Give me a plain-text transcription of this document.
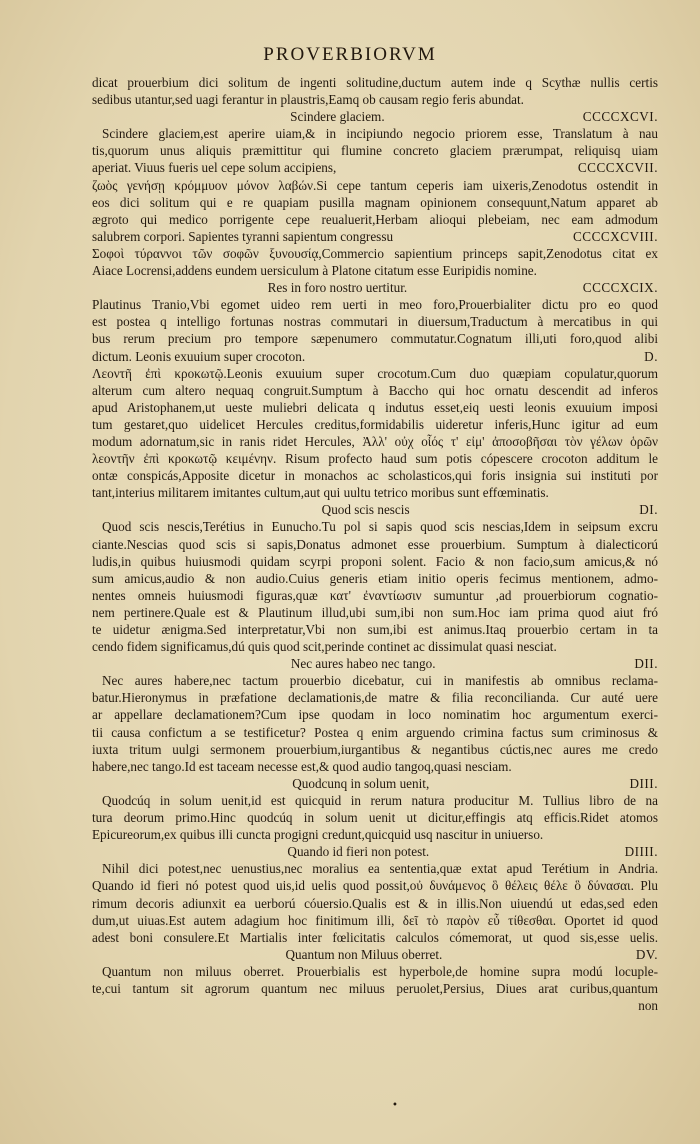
PROVERBIORVM
dicat prouerbium dici solitum de ingenti solitudine,ductum autem inde q Scythæ nullis certis
sedibus utantur,sed uagi ferantur in plaustris,Eamq ob causam regio feris abundat.
Scindere glaciem.	CCCCXCVI.
Scindere glaciem,est aperire uiam,& in incipiundo negocio priorem esse, Translatum à nau
tis,quorum unus aliquis præmittitur qui flumine concreto glaciem prærumpat, reliquisq uiam
aperiat. Viuus fueris uel cepe solum accipiens,	CCCCXCVII.
ζωὸς γενήσῃ κρόμμυον μόνον λαβών.Si cepe tantum ceperis iam uixeris,Zenodotus ostendit in
eos dici solitum qui e re quapiam pusilla magnam opinionem consequunt,Natum apparet ab
ægroto qui medico porrigente cepe reualuerit,Herbam alioqui plebeiam, nec eam admodum
salubrem corpori. Sapientes tyranni sapientum congressu	CCCCXCVIII.
Σοφοὶ τύραννοι τῶν σοφῶν ξυνουσίᾳ,Commercio sapientium princeps sapit,Zenodotus citat ex
Aiace Locrensi,addens eundem uersiculum à Platone citatum esse Euripidis nomine.
Res in foro nostro uertitur.	CCCCXCIX.
Plautinus Tranio,Vbi egomet uideo rem uerti in meo foro,Prouerbialiter dictu pro eo quod
est postea q intelligo fortunas nostras commutari in diuersum,Traductum à mercatibus in qui
bus rerum precium pro tempore sæpenumero commutatur.Cognatum illi,uti foro,quod alibi
dictum. Leonis exuuium super crocoton.	D.
Λεοντῆ ἐπὶ κροκωτῷ.Leonis exuuium super crocotum.Cum duo quæpiam copulatur,quorum
alterum cum altero nequaq congruit.Sumptum à Baccho qui hoc ornatu descendit ad inferos
apud Aristophanem,ut ueste muliebri delicata q indutus esset,eiq uesti leonis exuuium imposi
tum gestaret,quo uidelicet Hercules creditus,formidabilis uideretur inferis,Hunc igitur ad eum
modum adornatum,sic in ranis ridet Hercules, Ἀλλ' οὐχ οἷός τ' εἰμ' ἀποσοβῆσαι τὸν γέλων ὁρῶν
λεοντῆν ἐπὶ κροκωτῷ κειμένην. Risum profecto haud sum potis cópescere crocoton additum le
ontæ conspicás,Apposite dicetur in monachos ac scholasticos,qui foris insignia sui instituti por
tant,interius militarem imitantes cultum,aut qui uultu tetrico moribus sunt effœminatis.
Quod scis nescis	DI.
Quod scis nescis,Terétius in Eunucho.Tu pol si sapis quod scis nescias,Idem in seipsum excru
ciante.Nescias quod scis si sapis,Donatus admonet esse prouerbium. Sumptum à dialecticorú
ludis,in quibus huiusmodi quidam scyrpi proponi solent. Facio & non facio,sum amicus,& nó
sum amicus,audio & non audio.Cuius generis etiam initio operis fecimus mentionem, admo-
nentes omneis huiusmodi figuras,quæ κατ' ἐναντίωσιν sumuntur ,ad prouerbiorum cognatio-
nem pertinere.Quale est & Plautinum illud,ubi sum,ibi non sum.Hoc iam prima quod aiut fró
te uidetur ænigma.Sed interpretatur,Vbi non sum,ibi est animus.Itaq prouerbio certam in ta
cendo fidem significamus,dú quis quod scit,perinde continet ac dissimulat quasi nesciat.
Nec aures habeo nec tango.	DII.
Nec aures habere,nec tactum prouerbio dicebatur, cui in manifestis ab omnibus reclama-
batur.Hieronymus in præfatione declamationis,de matre & filia reconcilianda. Cur auté uere
ar appellare declamationem?Cum ipse quodam in loco nominatim hoc argumentum exerci-
tii causa confictum a se testificetur? Postea q enim arguendo crimina factus sum criminosus &
iuxta tritum uulgi sermonem prouerbium,iurgantibus & negantibus cúctis,nec aures me credo
habere,nec tango.Id est taceam necesse est,& quod audio tangoq,quasi nesciam.
Quodcunq in solum uenit,	DIII.
Quodcúq in solum uenit,id est quicquid in rerum natura producitur M. Tullius libro de na
tura deorum primo.Hinc quodcúq in solum uenit ut dicitur,effingis atq efficis.Ridet atomos
Epicureorum,ex quibus illi cuncta progigni credunt,quicquid usq nascitur in uniuerso.
Quando id fieri non potest.	DIIII.
Nihil dici potest,nec uenustius,nec moralius ea sententia,quæ extat apud Terétium in Andria.
Quando id fieri nó potest quod uis,id uelis quod possit,οὐ δυνάμενος ὃ θέλεις θέλε ὃ δύνασαι. Plu
rimum decoris adiunxit ea uerború cóuersio.Qualis est & in illis.Non uiuendú ut edas,sed eden
dum,ut uiuas.Est autem adagium hoc finitimum illi, δεῖ τὸ παρὸν εὖ τίθεσθαι. Oportet id quod
adest boni consulere.Et Martialis inter fœlicitatis calculos cómemorat, ut quod sis,esse uelis.
Quantum non Miluus oberret.	DV.
Quantum non miluus oberret. Prouerbialis est hyperbole,de homine supra modú locuple-
te,cui tantum sit agrorum quantum nec miluus peruolet,Persius, Diues arat curibus,quantum
non
•
